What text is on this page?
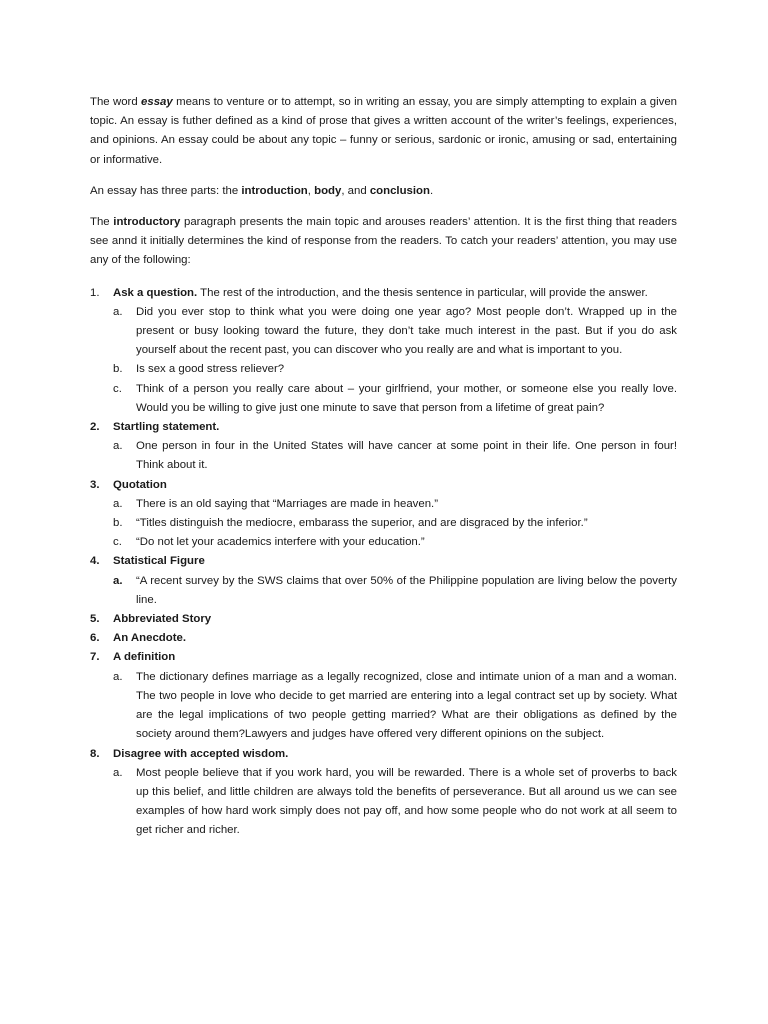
The word essay means to venture or to attempt, so in writing an essay, you are simply attempting to explain a given topic. An essay is futher defined as a kind of prose that gives a written account of the writer’s feelings, experiences, and opinions. An essay could be about any topic – funny or serious, sardonic or ironic, amusing or sad, entertaining or informative.

An essay has three parts: the introduction, body, and conclusion.

The introductory paragraph presents the main topic and arouses readers’ attention. It is the first thing that readers see annd it initially determines the kind of response from the readers. To catch your readers’ attention, you may use any of the following:

1. Ask a question. The rest of the introduction, and the thesis sentence in particular, will provide the answer.
a. Did you ever stop to think what you were doing one year ago? Most people don’t. Wrapped up in the present or busy looking toward the future, they don’t take much interest in the past. But if you do ask yourself about the recent past, you can discover who you really are and what is important to you.
b. Is sex a good stress reliever?
c. Think of a person you really care about – your girlfriend, your mother, or someone else you really love. Would you be willing to give just one minute to save that person from a lifetime of great pain?
2. Startling statement.
a. One person in four in the United States will have cancer at some point in their life. One person in four! Think about it.
3. Quotation
a. There is an old saying that “Marriages are made in heaven.”
b. “Titles distinguish the mediocre, embarass the superior, and are disgraced by the inferior.”
c. “Do not let your academics interfere with your education.”
4. Statistical Figure
a. “A recent survey by the SWS claims that over 50% of the Philippine population are living below the poverty line.
5. Abbreviated Story
6. An Anecdote.
7. A definition
a. The dictionary defines marriage as a legally recognized, close and intimate union of a man and a woman. The two people in love who decide to get married are entering into a legal contract set up by society. What are the legal implications of two people getting married? What are their obligations as defined by the society around them?Lawyers and judges have offered very different opinions on the subject.
8. Disagree with accepted wisdom.
a. Most people believe that if you work hard, you will be rewarded. There is a whole set of proverbs to back up this belief, and little children are always told the benefits of perseverance. But all around us we can see examples of how hard work simply does not pay off, and how some people who do not work at all seem to get richer and richer.
